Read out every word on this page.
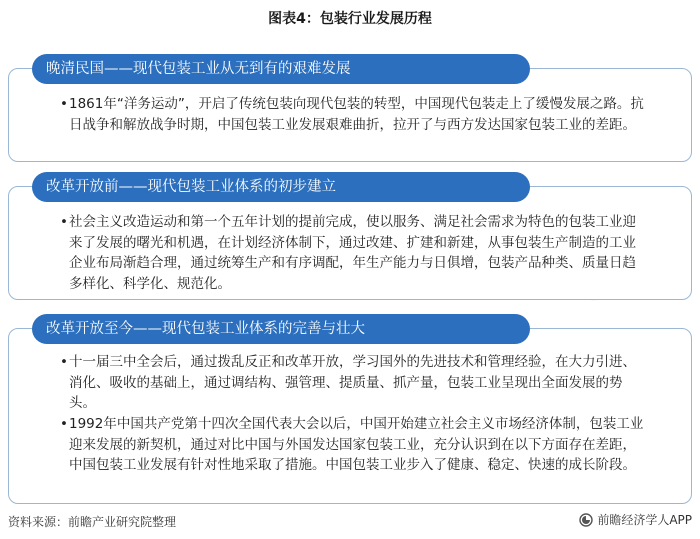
图表4：包装行业发展历程
晚清民国——现代包装工业从无到有的艰难发展
•1861年“洋务运动”，开启了传统包装向现代包装的转型，中国现代包装走上了缓慢发展之路。抗日战争和解放战争时期，中国包装工业发展艰难曲折，拉开了与西方发达国家包装工业的差距。
改革开放前——现代包装工业体系的初步建立
•社会主义改造运动和第一个五年计划的提前完成，使以服务、满足社会需求为特色的包装工业迎来了发展的曙光和机遇，在计划经济体制下，通过改建、扩建和新建，从事包装生产制造的工业企业布局渐趋合理，通过统筹生产和有序调配，年生产能力与日俱增，包装产品种类、质量日趋多样化、科学化、规范化。
改革开放至今——现代包装工业体系的完善与壮大
•十一届三中全会后，通过拨乱反正和改革开放，学习国外的先进技术和管理经验，在大力引进、消化、吸收的基础上，通过调结构、强管理、提质量、抓产量，包装工业呈现出全面发展的势头。
•1992年中国共产党第十四次全国代表大会以后，中国开始建立社会主义市场经济体制，包装工业迎来发展的新契机，通过对比中国与外国发达国家包装工业，充分认识到在以下方面存在差距，中国包装工业发展有针对性地采取了措施。中国包装工业步入了健康、稳定、快速的成长阶段。
资料来源：前瞻产业研究院整理	前瞻经济学人APP
